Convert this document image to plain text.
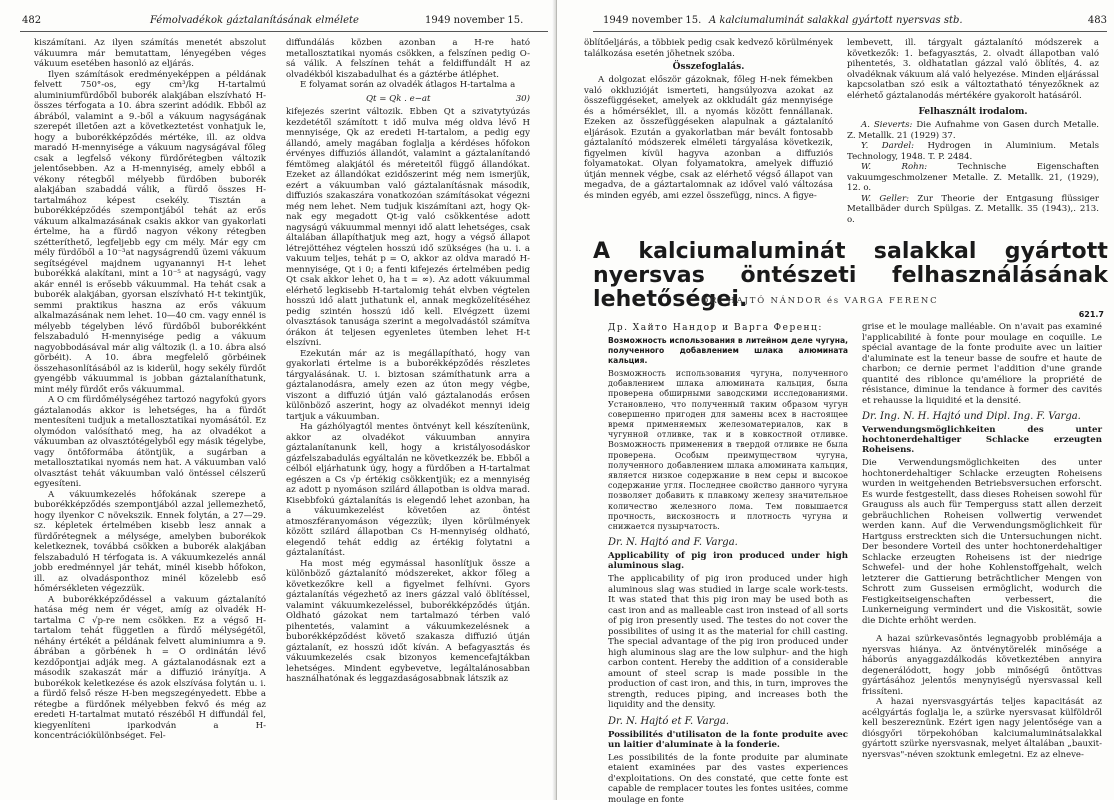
482	Fémolvadékok gáztalanításának elmélete	1949 november 15.

kiszámítani. Az ilyen számítás menetét abszolut vákuumra már bemutattam, lényegében véges vákuum esetében hasonló az eljárás.

Ilyen számítások eredményeképpen a példának felvett 750°-os, egy cm³/kg H-tartalmú aluminiumfürdőből buborék alakjában elszívható H-összes térfogata a 10. ábra szerint adódik. Ebből az ábrából, valamint a 9.-ből a vákuum nagyságának szerepét illetően azt a következtetést vonhatjuk le, hogy a buborékképződés mértéke, ill. az oldva maradó H-mennyisége a vákuum nagyságával főleg csak a legfelső vékony fürdőrétegben változik jelentősebben. Az a H-mennyiség, amely ebből a vékony rétegből mélyebb fürdőben buborék alakjában szabaddá válik, a fürdő összes H-tartalmához képest csekély. Tisztán a buborékképződés szempontjából tehát az erős vákuum alkalmazásának csakis akkor van gyakorlati értelme, ha a fürdő nagyon vékony rétegben szétteríthető, legfeljebb egy cm mély. Már egy cm mély fürdőből a 10⁻³at nagyságrendű üzemi vákuum segítségével majdnem ugyanannyi H-t lehet buborékká alakítani, mint a 10⁻⁵ at nagyságú, vagy akár ennél is erősebb vákuummal. Ha tehát csak a buborék alakjában, gyorsan elszívható H-t tekintjük, semmi praktikus haszna az erős vákuum alkalmazásának nem lehet. 10—40 cm. vagy ennél is mélyebb tégelyben lévő fürdőből buborékként felszabaduló H-mennyisége pedig a vákuum nagyobbodásával már alig változik (l. a 10. ábra alsó görbéit). A 10. ábra megfelelő görbéinek összehasonlításából az is kiderül, hogy sekély fürdőt gyengébb vákuummal is jobban gáztalaníthatunk, mint mély fürdőt erős vákuummal.

A O cm fürdőmélységéhez tartozó nagyfokú gyors gáztalanodás akkor is lehetséges, ha a fürdőt mentesíteni tudjuk a metallosztatikai nyomásától. Ez olymódon valósítható meg, ha az olvadékot a vákuumban az olvasztótégelyből egy másik tégelybe, vagy öntőformába átöntjük, a sugárban a metallosztatikai nyomás nem hat. A vákuumban való olvasztást tehát vákuumban való öntéssel célszerű egyesíteni.

A vákuumkezelés hőfokának szerepe a buborékképződés szempontjából azzal jellemezhető, hogy ilyenkor C növekszik. Ennek folytán, a 27—29. sz. képletek értelmében kisebb lesz annak a fürdőrétegnek a mélysége, amelyben buborékok keletkeznek, továbbá csökken a buborék alakjában felszabaduló H térfogata is. A vákuumkezelés annál jobb eredménnyel jár tehát, minél kisebb hőfokon, ill. az olvadásponthoz minél közelebb eső hőmérsékleten végezzük.

A buborékképződéssel a vakuum gáztalanító hatása még nem ér véget, amíg az olvadék H-tartalma C √p-re nem csökken. Ez a végső H-tartalom tehát független a fürdő mélységétől, néhány értékét a példának felvett aluminiumra a 9. ábrában a görbének h = O ordinátán lévő kezdőpontjai adják meg. A gáztalanodásnak ezt a második szakaszát már a diffuzió irányítja. A buborékok keletkezése és azok elszívása folytán u. i. a fürdő felső része H-ben megszegényedett. Ebbe a rétegbe a fürdőnek mélyebben fekvő és még az eredeti H-tartalmat mutató részéből H diffundál fel, kiegyenlíteni iparkodván a H-koncentrációkülönbséget. Fel-

diffundálás közben azonban a H-re ható metallosztatikai nyomás csökken, a felszínen pedig O-sá válik. A felszínen tehát a feldiffundált H az olvadékból kiszabadulhat és a gáztérbe átléphet.

E folyamat során az olvadék átlagos H-tartalma a

Qt = Qk . e−at	30)

kifejezés szerint változik. Ebben Qt a szivatytyúzás kezdetétől számított t idő mulva még oldva lévő H mennyisége, Qk az eredeti H-tartalom, a pedig egy állandó, amely magában foglalja a kérdéses hőfokon érvényes diffuziós állandót, valamint a gáztalanítandó fémtömeg alakjától és méreteitől függő állandókat. Ezeket az állandókat ezidőszerint még nem ismerjük, ezért a vákuumban való gáztalanításnak második, diffuziós szakaszára vonatkozóan számításokat végezni még nem lehet. Nem tudjuk kiszámítani azt, hogy Qk-nak egy megadott Qt-ig való csökkentése adott nagyságú vákuummal mennyi idő alatt lehetséges, csak általában állapíthatjuk meg azt, hogy a végső állapot létrejöttéhez végtelen hosszú idő szükséges (ha u. i. a vakuum teljes, tehát p = O, akkor az oldva maradó H-mennyisége, Qt i 0; a fenti kifejezés értelmében pedig Qt csak akkor lehet 0, ha t = ∞). Az adott vákuummal elérhető legkisebb H-tartalomig tehát elvben végtelen hosszú idő alatt juthatunk el, annak megközelítéséhez pedig szintén hosszú idő kell. Elvégzett üzemi olvasztások tanusága szerint a megolvadástól számítva órákon át teljesen egyenletes ütemben lehet H-t elszívni.

Ezekután már az is megállapítható, hogy van gyakorlati értelme is a buborékképződés részletes tárgyalásának. U. i. biztosan számíthatunk arra a gáztalanodásra, amely ezen az úton megy végbe, viszont a diffuzió útján való gáztalanodás erősen különböző aszerint, hogy az olvadékot mennyi ideig tartjuk a vákuumban.

Ha gázhólyagtól mentes öntvényt kell készítenünk, akkor az olvadékot vákuumban annyira gáztalanítanunk kell, hogy a kristályosodáskor gázfelszabadulás egyáltalán ne következzék be. Ebből a célból eljárhatunk úgy, hogy a fürdőben a H-tartalmat egészen a Cs √p értékig csökkentjük; ez a mennyiség az adott p nyomáson szilárd állapotban is oldva marad. Kisebbfokú gáztalanítás is elegendő lehet azonban, ha a vákuumkezelést követően az öntést atmoszféranyomáson végezzük; ilyen körülmények között szilárd állapotban Cs H-mennyiség oldható, elegendő tehát eddig az értékig folytatni a gáztalanítást.

Ha most még egymással hasonlítjuk össze a különböző gáztalanító módszereket, akkor főleg a következőkre kell a figyelmet felhívni. Gyors gáztalanítás végezhető az iners gázzal való öblítéssel, valamint vákuumkezeléssel, buborékképződés útján. Oldható gázokat nem tartalmazó térben való pihentetés, valamint a vákuumkezelésnek a buborékképződést követő szakasza diffuzió útján gáztalanít, ez hosszú időt kíván. A befagyasztás és vákuumkezelés csak bizonyos kemencefajtákban lehetséges. Mindent egybevetve, legáltalánosabban használhatónak és leggazdaságosabbnak látszik az

1949 november 15. A kalciumaluminát salakkal gyártott nyersvas stb.	483

öblítőeljárás, a többiek pedig csak kedvező körülmények találkozása esetén jöhetnek szóba.

Összefoglalás.

A dolgozat először gázoknak, főleg H-nek fémekben való okkluzióját ismerteti, hangsúlyozva azokat az összefüggéseket, amelyek az okkludált gáz mennyisége és a hőmérséklet, ill. a nyomás között fennállanak. Ezeken az összefüggéseken alapulnak a gáztalanító eljárások. Ezután a gyakorlatban már bevált fontosabb gáztalanító módszerek elméleti tárgyalása következik, figyelmen kívül hagyva azonban a diffuziós folyamatokat. Olyan folyamatokra, amelyek diffuzió útján mennek végbe, csak az elérhető végső állapot van megadva, de a gáztartalomnak az idővel való változása és minden egyéb, ami ezzel összefügg, nincs. A figye-

lembevett, ill. tárgyalt gáztalanító módszerek a következők: 1. befagyasztás, 2. olvadt állapotban való pihentetés, 3. oldhatatlan gázzal való öblítés, 4. az olvadéknak vákuum alá való helyezése. Minden eljárással kapcsolatban szó esik a változtatható tényezőknek az elérhető gáztalanodás mértékére gyakorolt hatásáról.

Felhasznált irodalom.

A. Sieverts: Die Aufnahme von Gasen durch Metalle. Z. Metallk. 21 (1929) 37.

Y. Dardel: Hydrogen in Aluminium. Metals Technology, 1948. T. P. 2484.

W. Rohn:	Technische Eigenschaften vakuumgeschmolzener Metalle. Z. Metallk. 21, (1929), 12. o.

W. Geller: Zur Theorie der Entgasung flüssiger Metallbäder durch Spülgas. Z. Metallk. 35 (1943),. 213. o.

A kalciumaluminát salakkal gyártott nyersvas öntészeti felhasználásának lehetőségei.
DR. HAJTÓ NÁNDOR és VARGA FERENC
621.7
Др. Хайто Нандор и Варга Ференц:
Возможность использования в литейном деле чугуна, полученного добавлением шлака алюмината кальция.

Возможность использования чугуна, полученного добавлением шлака алюмината кальция, была проверена обширными заводскими исследованиями. Установлено, что полученный таким образом чугун совершенно пригоден для замены всех в настоящее время применяемых железоматериалов, как в чугунной отливке, так и в ковкостной отливке. Возможность применения в твердой отливке не была проверена. Особым преимуществом чугуна, полученного добавлением шлака алюмината кальция, является низкое содержание в нем серы и высокое содержание угля. Последнее свойство данного чугуна позволяет добавить к плавкому железу значительное количество железного лома. Тем повышается прочность, вискозность и плотность чугуна и снижается пузырчатость.

Dr. N. Hajtó and F. Varga.
Applicability of pig iron produced under high aluminous slag.

The applicability of pig iron produced under high aluminous slag was studied in large scale work-tests. It was stated that this pig iron may be used both as cast iron and as malleable cast iron instead of all sorts of pig iron presently used. The testes do not cover the possibilites of using it as the material for chill casting. The special advantage of the pig iron produced under high aluminous slag are the low sulphur- and the high carbon content. Hereby the addition of a considerable amount of steel scrap is made possible in the production of cast iron, and this, in turn, improves the strength, reduces piping, and increases both the liquidity and the density.

Dr. N. Hajtó et F. Varga.
Possibilités d'utilisaton de la fonte produite avec un laitier d'aluminate à la fonderie.

Les possibilités de la fonte produite par aluminate etaient examinées par des vastes experiences d'exploitations. On des constaté, que cette fonte est capable de remplacer toutes les fontes usitées, comme moulage en fonte

grise et le moulage malléable. On n'avait pas examiné l'applicabilité à fonte pour moulage en coquille. Le spécial avantage de la fonte produite avec un laitier d'aluminate est la teneur basse de soufre et haute de charbon; ce dernie permet l'addition d'une grande quantité des riblonce qu'améliore la propriété de résistance, diminue la tendance à former des cavités et rehausse la liquidité et la densité.

Dr. Ing. N. H. Hajtó und Dipl. Ing. F. Varga.
Verwendungsmöglichkeiten des unter hochtonerdehaltiger Schlacke erzeugten Roheisens.

Die Verwendungsmöglichkeiten des unter hochtonerdehaltiger Schlacke erzeugten Roheisens wurden in weitgehenden Betriebsversuchen erforscht. Es wurde festgestellt, dass dieses Roheisen sowohl für Grauguss als auch für Temperguss statt allen derzeit gebräuchlichen Roheisen vollwertig verwendet werden kann. Auf die Verwendungsmöglichkeit für Hartguss erstreckten sich die Untersuchungen nicht. Der besondere Vorteil des unter hochtonerdehaltiger Schlacke erzeugten Roheisens ist der niedrige Schwefel- und der hohe Kohlenstoffgehalt, welch letzterer die Gattierung beträchtlicher Mengen von Schrott zum Gusseisen ermöglicht, wodurch die Festigkeitseigenschaften verbessert, die Lunkerneigung vermindert und die Viskosität, sowie die Dichte erhöht werden.

A hazai szürkevasöntés legnagyobb problémája a nyersvas hiánya. Az öntvénytörelék minősége a háborús anyaggazdálkodás következtében annyira degenerálódott, hogy jobb minőségű öntöttvas gyártásához jelentős menynyiségű nyersvassal kell frissíteni.

A hazai nyersvasgyártás teljes kapacitását az acélgyártás foglalja le, a szürke nyersvasat külföldről kell beszereznünk. Ezért igen nagy jelentősége van a diósgyőri törpekohóban kalciumaluminátsalakkal gyártott szürke nyersvasnak, melyet általában „bauxit-nyersvas"-néven szoktunk emlegetni. Ez az elneve-
